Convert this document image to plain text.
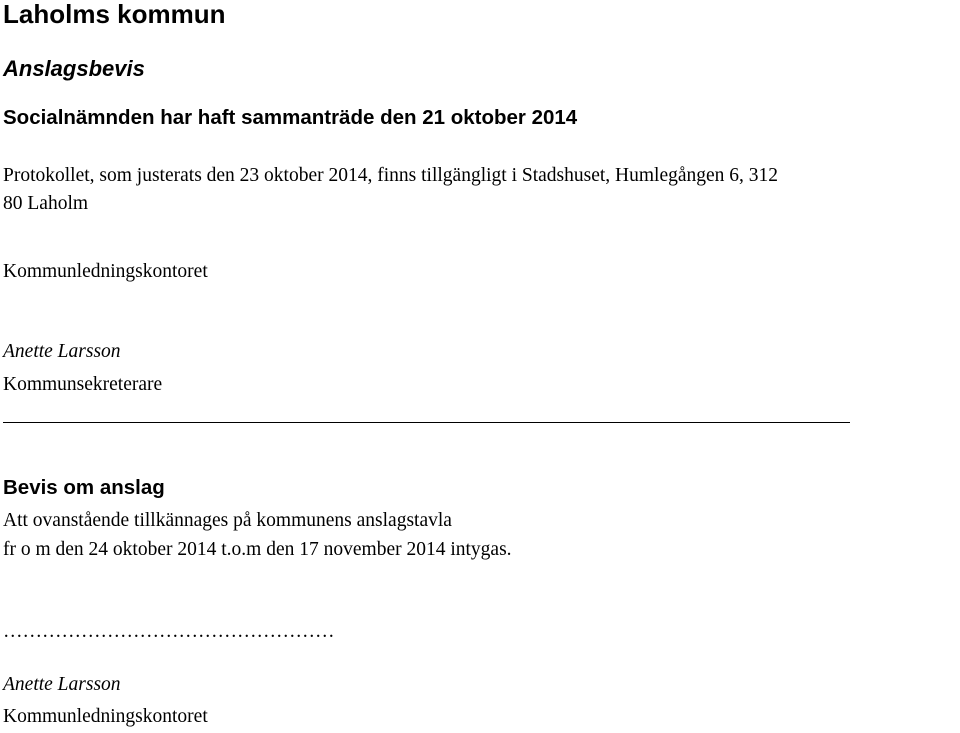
Laholms kommun
Anslagsbevis
Socialnämnden har haft sammanträde den 21 oktober 2014
Protokollet, som justerats den 23 oktober 2014, finns tillgängligt i Stadshuset, Humlegången 6, 312
80 Laholm
Kommunledningskontoret
Anette Larsson
Kommunsekreterare
Bevis om anslag
Att ovanstående tillkännages på kommunens anslagstavla
fr o m den 24 oktober 2014 t.o.m den 17 november 2014 intygas.
……………………………………………
Anette Larsson
Kommunledningskontoret
